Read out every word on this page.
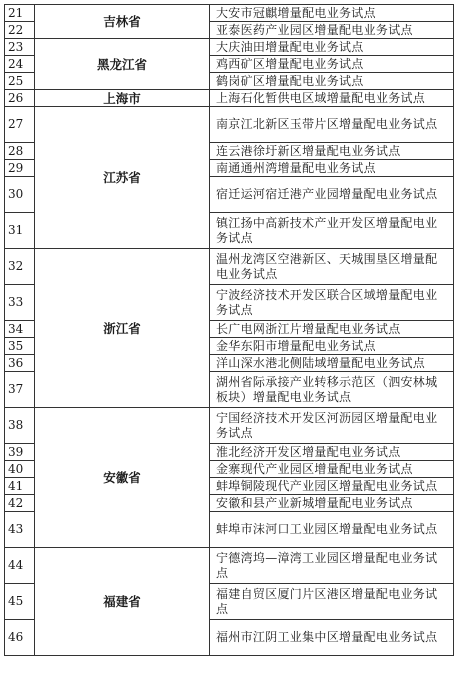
21	吉林省	大安市冠麒增量配电业务试点
22		亚泰医药产业园区增量配电业务试点
23	黑龙江省	大庆油田增量配电业务试点
24		鸡西矿区增量配电业务试点
25		鹤岗矿区增量配电业务试点
26	上海市	上海石化暂供电区域增量配电业务试点
27	江苏省	南京江北新区玉带片区增量配电业务试点
28		连云港徐圩新区增量配电业务试点
29		南通通州湾增量配电业务试点
30		宿迁运河宿迁港产业园增量配电业务试点
31		镇江扬中高新技术产业开发区增量配电业务试点
32	浙江省	温州龙湾区空港新区、天城围垦区增量配电业务试点
33		宁波经济技术开发区联合区域增量配电业务试点
34		长广电网浙江片增量配电业务试点
35		金华东阳市增量配电业务试点
36		洋山深水港北侧陆域增量配电业务试点
37		湖州省际承接产业转移示范区（泗安林城板块）增量配电业务试点
38	安徽省	宁国经济技术开发区河沥园区增量配电业务试点
39		淮北经济开发区增量配电业务试点
40		金寨现代产业园区增量配电业务试点
41		蚌埠铜陵现代产业园区增量配电业务试点
42		安徽和县产业新城增量配电业务试点
43		蚌埠市沫河口工业园区增量配电业务试点
44	福建省	宁德湾坞—漳湾工业园区增量配电业务试点
45		福建自贸区厦门片区港区增量配电业务试点
46		福州市江阴工业集中区增量配电业务试点
